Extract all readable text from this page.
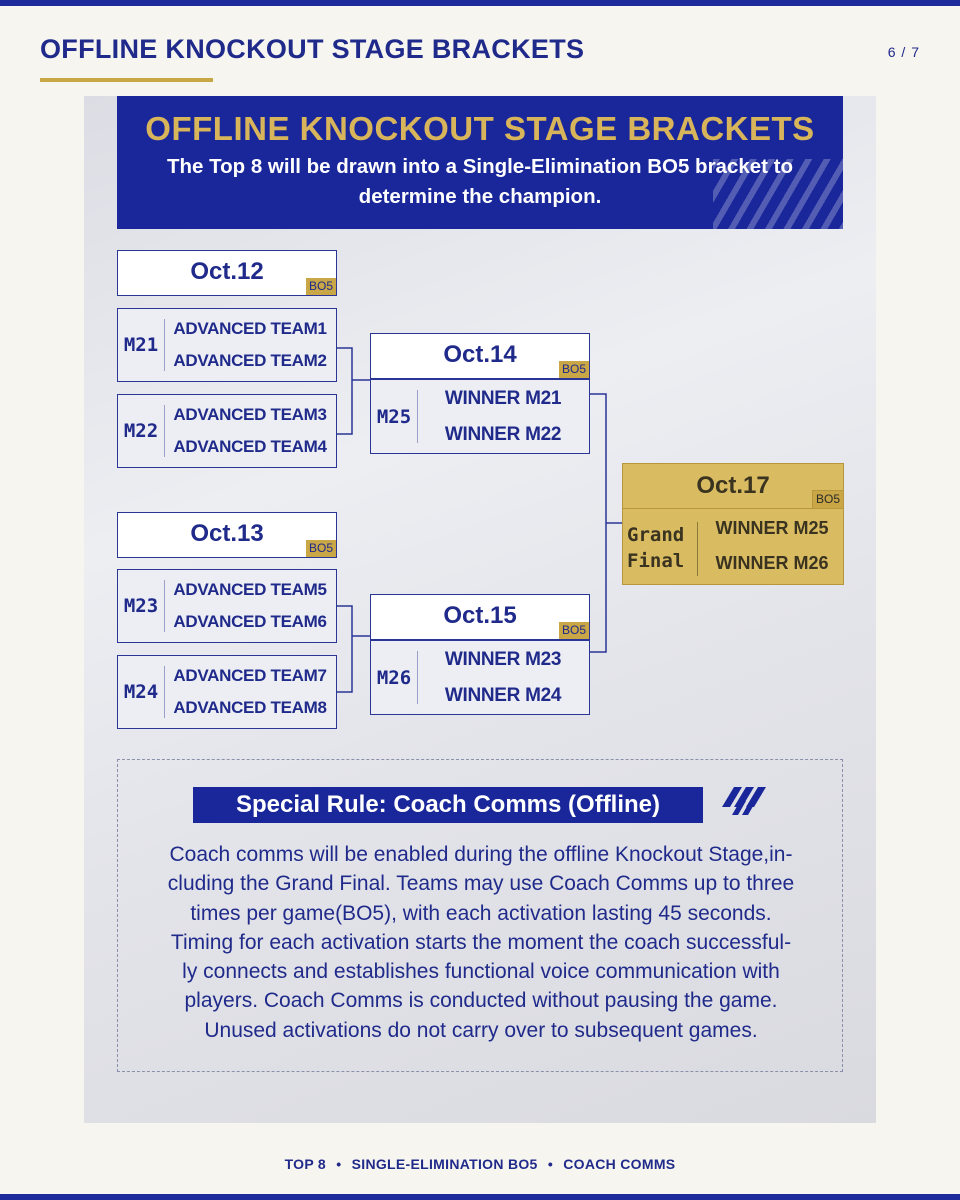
OFFLINE KNOCKOUT STAGE BRACKETS	6 / 7
OFFLINE KNOCKOUT STAGE BRACKETS
The Top 8 will be drawn into a Single-Elimination BO5 bracket to determine the champion.
Oct.12
BO5
M21
ADVANCED TEAM1
ADVANCED TEAM2
M22
ADVANCED TEAM3
ADVANCED TEAM4
Oct.13
BO5
M23
ADVANCED TEAM5
ADVANCED TEAM6
M24
ADVANCED TEAM7
ADVANCED TEAM8
Oct.14
BO5
M25
WINNER M21
WINNER M22
Oct.15
BO5
M26
WINNER M23
WINNER M24
Oct.17	BO5
Grand
Final
WINNER M25
WINNER M26
Special Rule: Coach Comms (Offline)
Coach comms will be enabled during the offline Knockout Stage,in-
cluding the Grand Final. Teams may use Coach Comms up to three
times per game(BO5), with each activation lasting 45 seconds.
Timing for each activation starts the moment the coach successful-
ly connects and establishes functional voice communication with
players. Coach Comms is conducted without pausing the game.
Unused activations do not carry over to subsequent games.
TOP 8 • SINGLE-ELIMINATION BO5 • COACH COMMS
